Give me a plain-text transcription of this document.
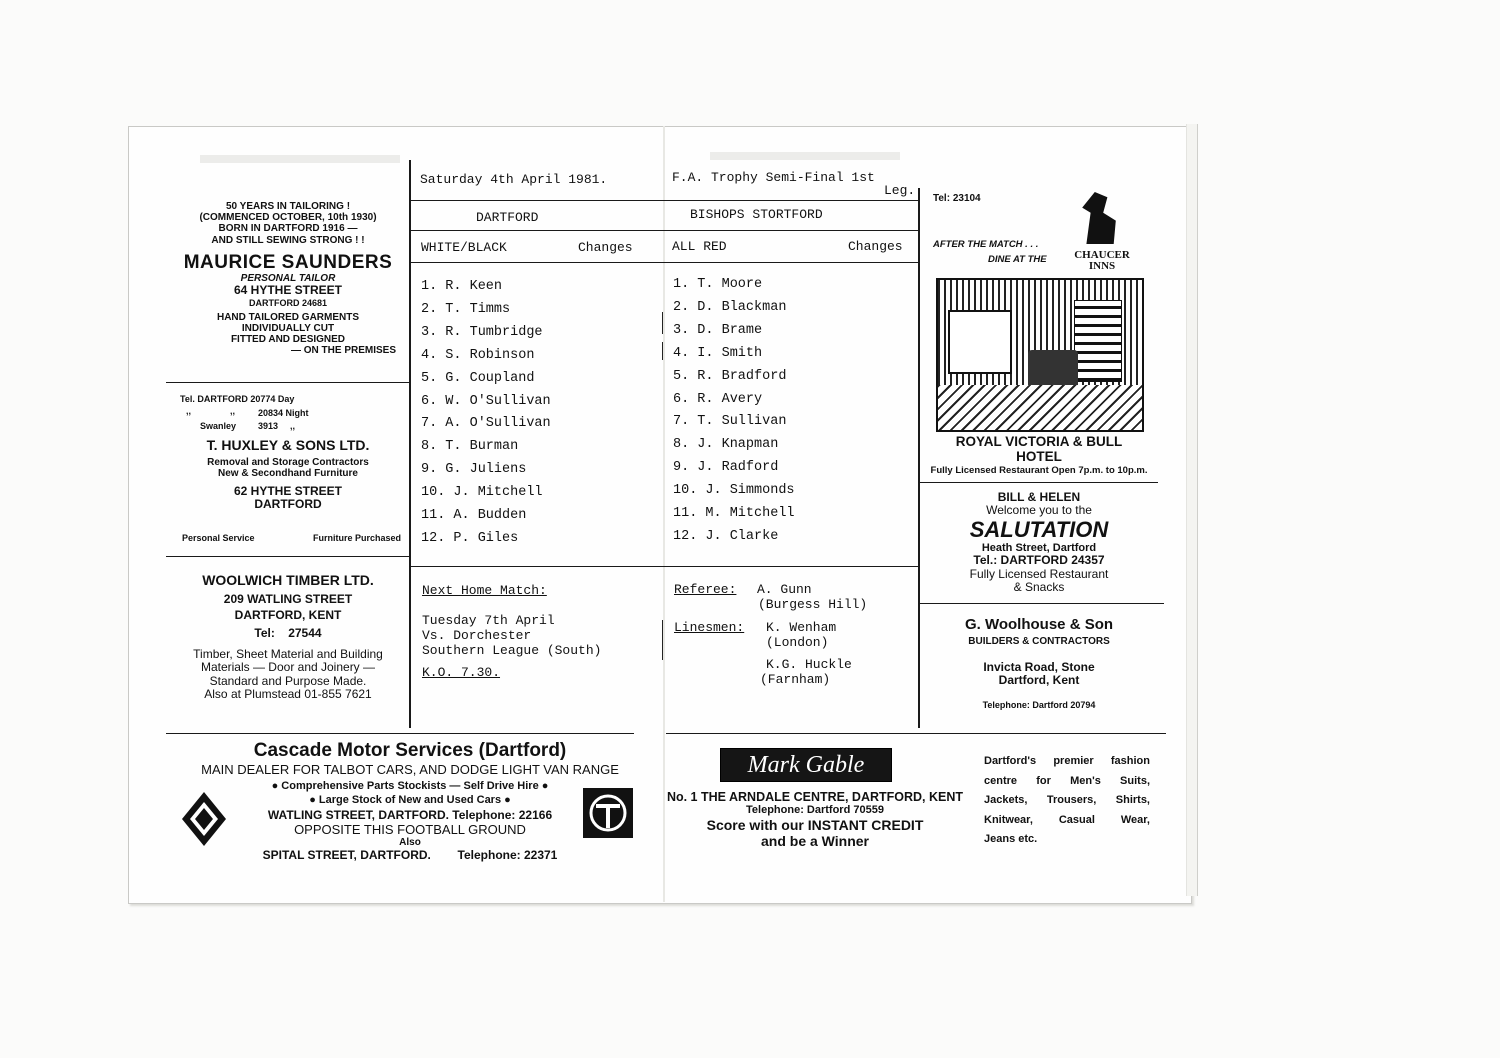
Saturday 4th April 1981.	F.A. Trophy Semi-Final 1st
Leg.
DARTFORD	BISHOPS STORTFORD
WHITE/BLACK	Changes	ALL RED	Changes
1. R. Keen
2. T. Timms
3. R. Tumbridge
4. S. Robinson
5. G. Coupland
6. W. O'Sullivan
7. A. O'Sullivan
8. T. Burman
9. G. Juliens
10. J. Mitchell
11. A. Budden
12. P. Giles
1. T. Moore
2. D. Blackman
3. D. Brame
4. I. Smith
5. R. Bradford
6. R. Avery
7. T. Sullivan
8. J. Knapman
9. J. Radford
10. J. Simmonds
11. M. Mitchell
12. J. Clarke
Next Home Match:
Tuesday 7th April
Vs. Dorchester
Southern League (South)
K.O. 7.30.
Referee: A. Gunn
(Burgess Hill)
Linesmen: K. Wenham
(London)
K.G. Huckle
(Farnham)
50 YEARS IN TAILORING !
(COMMENCED OCTOBER, 10th 1930)
BORN IN DARTFORD 1916 —
AND STILL SEWING STRONG ! !
MAURICE SAUNDERS
PERSONAL TAILOR
64 HYTHE STREET
DARTFORD 24681
HAND TAILORED GARMENTS
INDIVIDUALLY CUT
FITTED AND DESIGNED
— ON THE PREMISES
Tel. DARTFORD 20774 Day
,,	,,	20834 Night
Swanley 3913 ,,
T. HUXLEY & SONS LTD.
Removal and Storage Contractors
New & Secondhand Furniture
62 HYTHE STREET
DARTFORD
Personal Service	Furniture Purchased
WOOLWICH TIMBER LTD.
209 WATLING STREET
DARTFORD, KENT
Tel: 27544
Timber, Sheet Material and Building
Materials — Door and Joinery —
Standard and Purpose Made.
Also at Plumstead 01-855 7621
Tel: 23104
AFTER THE MATCH . . .
DINE AT THE	CHAUCER INNS
ROYAL VICTORIA & BULL
HOTEL
Fully Licensed Restaurant Open 7p.m. to 10p.m.
BILL & HELEN
Welcome you to the
SALUTATION
Heath Street, Dartford
Tel.: DARTFORD 24357
Fully Licensed Restaurant
& Snacks
G. Woolhouse & Son
BUILDERS & CONTRACTORS
Invicta Road, Stone
Dartford, Kent
Telephone: Dartford 20794
Cascade Motor Services (Dartford)
MAIN DEALER FOR TALBOT CARS, AND DODGE LIGHT VAN RANGE
● Comprehensive Parts Stockists — Self Drive Hire ●
● Large Stock of New and Used Cars ●
WATLING STREET, DARTFORD. Telephone: 22166
OPPOSITE THIS FOOTBALL GROUND
Also
SPITAL STREET, DARTFORD. Telephone: 22371
Mark Gable
No. 1 THE ARNDALE CENTRE, DARTFORD, KENT
Telephone: Dartford 70559
Score with our INSTANT CREDIT
and be a Winner
Dartford's premier fashion
centre for Men's Suits,
Jackets, Trousers, Shirts,
Knitwear, Casual Wear,
Jeans etc.
